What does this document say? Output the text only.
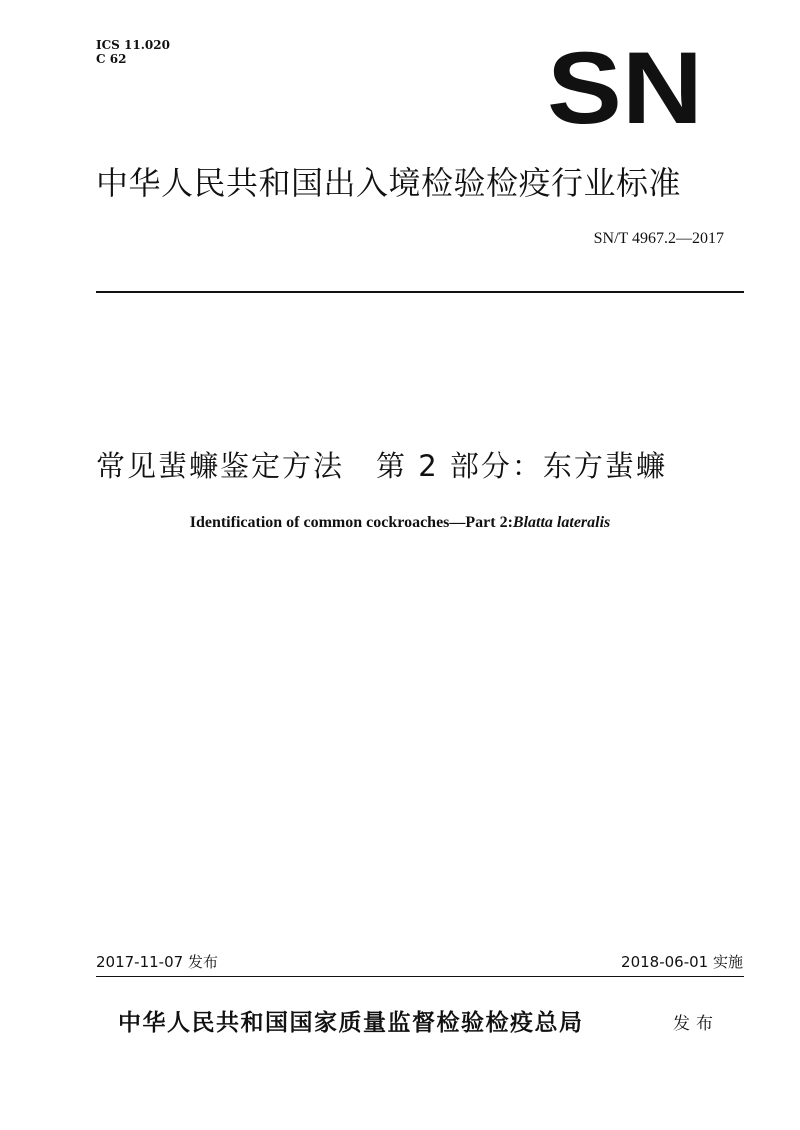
ICS 11.020
C 62	SN
中华人民共和国出入境检验检疫行业标准
SN/T 4967.2—2017
常见蜚蠊鉴定方法 第 2 部分：东方蜚蠊
Identification of common cockroaches—Part 2:Blatta lateralis
2017-11-07 发布	2018-06-01 实施
中华人民共和国国家质量监督检验检疫总局	发布
